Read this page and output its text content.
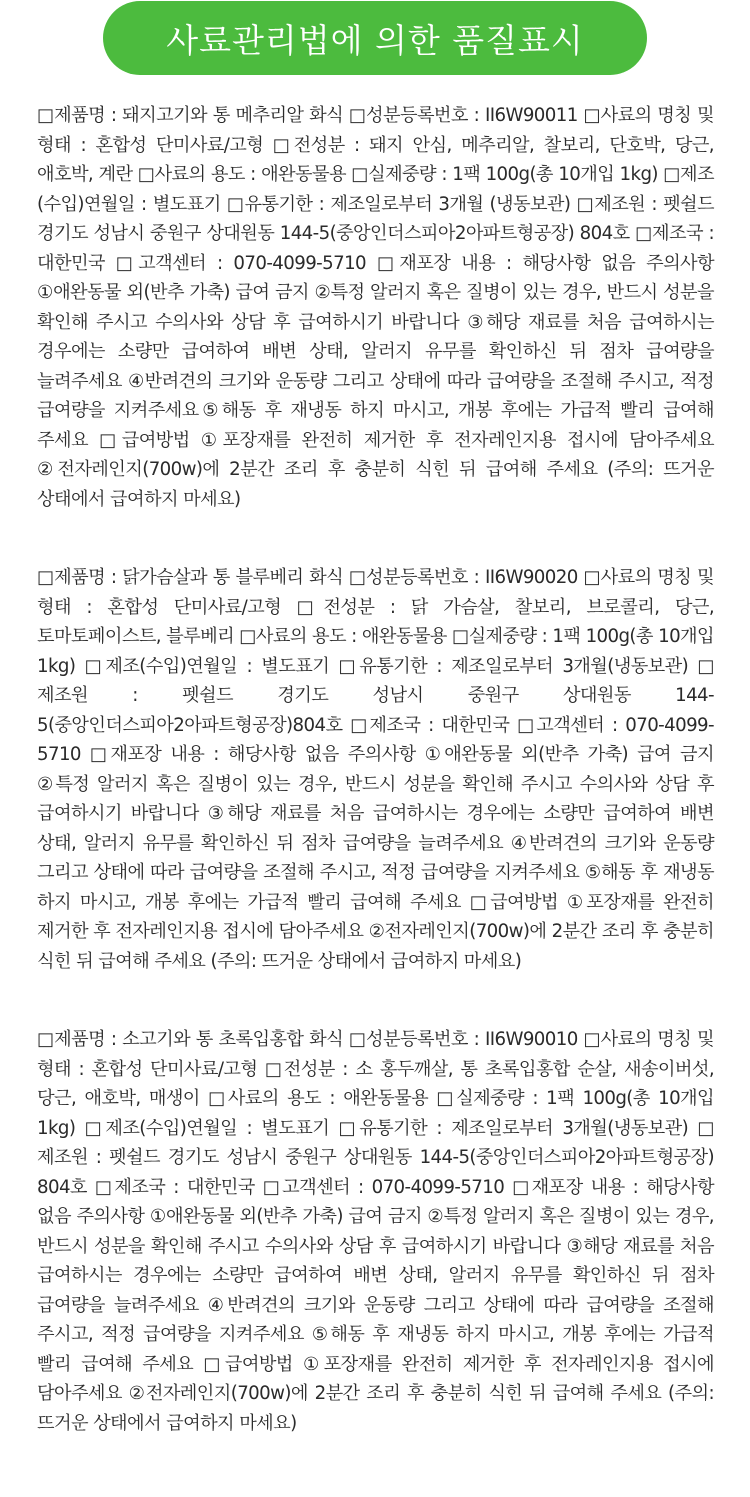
사료관리법에 의한 품질표시

□제품명 : 돼지고기와 통 메추리알 화식 □성분등록번호 : II6W90011 □사료의 명칭 및 형태 : 혼합성 단미사료/고형 □전성분 : 돼지 안심, 메추리알, 찰보리, 단호박, 당근, 애호박, 계란 □사료의 용도 : 애완동물용 □실제중량 : 1팩 100g(총 10개입 1kg) □제조(수입)연월일 : 별도표기 □유통기한 : 제조일로부터 3개월 (냉동보관) □제조원 : 펫쉴드 경기도 성남시 중원구 상대원동 144-5(중앙인더스피아2아파트형공장) 804호 □제조국 : 대한민국 □고객센터 : 070-4099-5710 □재포장 내용 : 해당사항 없음 주의사항 ①애완동물 외(반추 가축) 급여 금지 ②특정 알러지 혹은 질병이 있는 경우, 반드시 성분을 확인해 주시고 수의사와 상담 후 급여하시기 바랍니다 ③해당 재료를 처음 급여하시는 경우에는 소량만 급여하여 배변 상태, 알러지 유무를 확인하신 뒤 점차 급여량을 늘려주세요 ④반려견의 크기와 운동량 그리고 상태에 따라 급여량을 조절해 주시고, 적정 급여량을 지켜주세요⑤해동 후 재냉동 하지 마시고, 개봉 후에는 가급적 빨리 급여해 주세요 □급여방법 ①포장재를 완전히 제거한 후 전자레인지용 접시에 담아주세요 ②전자레인지(700w)에 2분간 조리 후 충분히 식힌 뒤 급여해 주세요 (주의: 뜨거운 상태에서 급여하지 마세요)

□제품명 : 닭가슴살과 통 블루베리 화식 □성분등록번호 : II6W90020 □사료의 명칭 및 형태 : 혼합성 단미사료/고형 □전성분 : 닭 가슴살, 찰보리, 브로콜리, 당근, 토마토페이스트, 블루베리 □사료의 용도 : 애완동물용 □실제중량 : 1팩 100g(총 10개입 1kg) □제조(수입)연월일 : 별도표기 □유통기한 : 제조일로부터 3개월(냉동보관) □제조원 : 펫쉴드 경기도 성남시 중원구 상대원동 144-5(중앙인더스피아2아파트형공장)804호 □제조국 : 대한민국 □고객센터 : 070-4099-5710 □재포장 내용 : 해당사항 없음 주의사항 ①애완동물 외(반추 가축) 급여 금지 ②특정 알러지 혹은 질병이 있는 경우, 반드시 성분을 확인해 주시고 수의사와 상담 후 급여하시기 바랍니다 ③해당 재료를 처음 급여하시는 경우에는 소량만 급여하여 배변 상태, 알러지 유무를 확인하신 뒤 점차 급여량을 늘려주세요 ④반려견의 크기와 운동량 그리고 상태에 따라 급여량을 조절해 주시고, 적정 급여량을 지켜주세요 ⑤해동 후 재냉동 하지 마시고, 개봉 후에는 가급적 빨리 급여해 주세요 □급여방법 ①포장재를 완전히 제거한 후 전자레인지용 접시에 담아주세요 ②전자레인지(700w)에 2분간 조리 후 충분히 식힌 뒤 급여해 주세요 (주의: 뜨거운 상태에서 급여하지 마세요)

□제품명 : 소고기와 통 초록입홍합 화식 □성분등록번호 : II6W90010 □사료의 명칭 및 형태 : 혼합성 단미사료/고형 □전성분 : 소 홍두깨살, 통 초록입홍합 순살, 새송이버섯, 당근, 애호박, 매생이 □사료의 용도 : 애완동물용 □실제중량 : 1팩 100g(총 10개입 1kg) □제조(수입)연월일 : 별도표기 □유통기한 : 제조일로부터 3개월(냉동보관) □제조원 : 펫쉴드 경기도 성남시 중원구 상대원동 144-5(중앙인더스피아2아파트형공장) 804호 □제조국 : 대한민국 □고객센터 : 070-4099-5710 □재포장 내용 : 해당사항 없음 주의사항 ①애완동물 외(반추 가축) 급여 금지 ②특정 알러지 혹은 질병이 있는 경우, 반드시 성분을 확인해 주시고 수의사와 상담 후 급여하시기 바랍니다 ③해당 재료를 처음 급여하시는 경우에는 소량만 급여하여 배변 상태, 알러지 유무를 확인하신 뒤 점차 급여량을 늘려주세요 ④반려견의 크기와 운동량 그리고 상태에 따라 급여량을 조절해 주시고, 적정 급여량을 지켜주세요 ⑤해동 후 재냉동 하지 마시고, 개봉 후에는 가급적 빨리 급여해 주세요 □급여방법 ①포장재를 완전히 제거한 후 전자레인지용 접시에 담아주세요 ②전자레인지(700w)에 2분간 조리 후 충분히 식힌 뒤 급여해 주세요 (주의: 뜨거운 상태에서 급여하지 마세요)
